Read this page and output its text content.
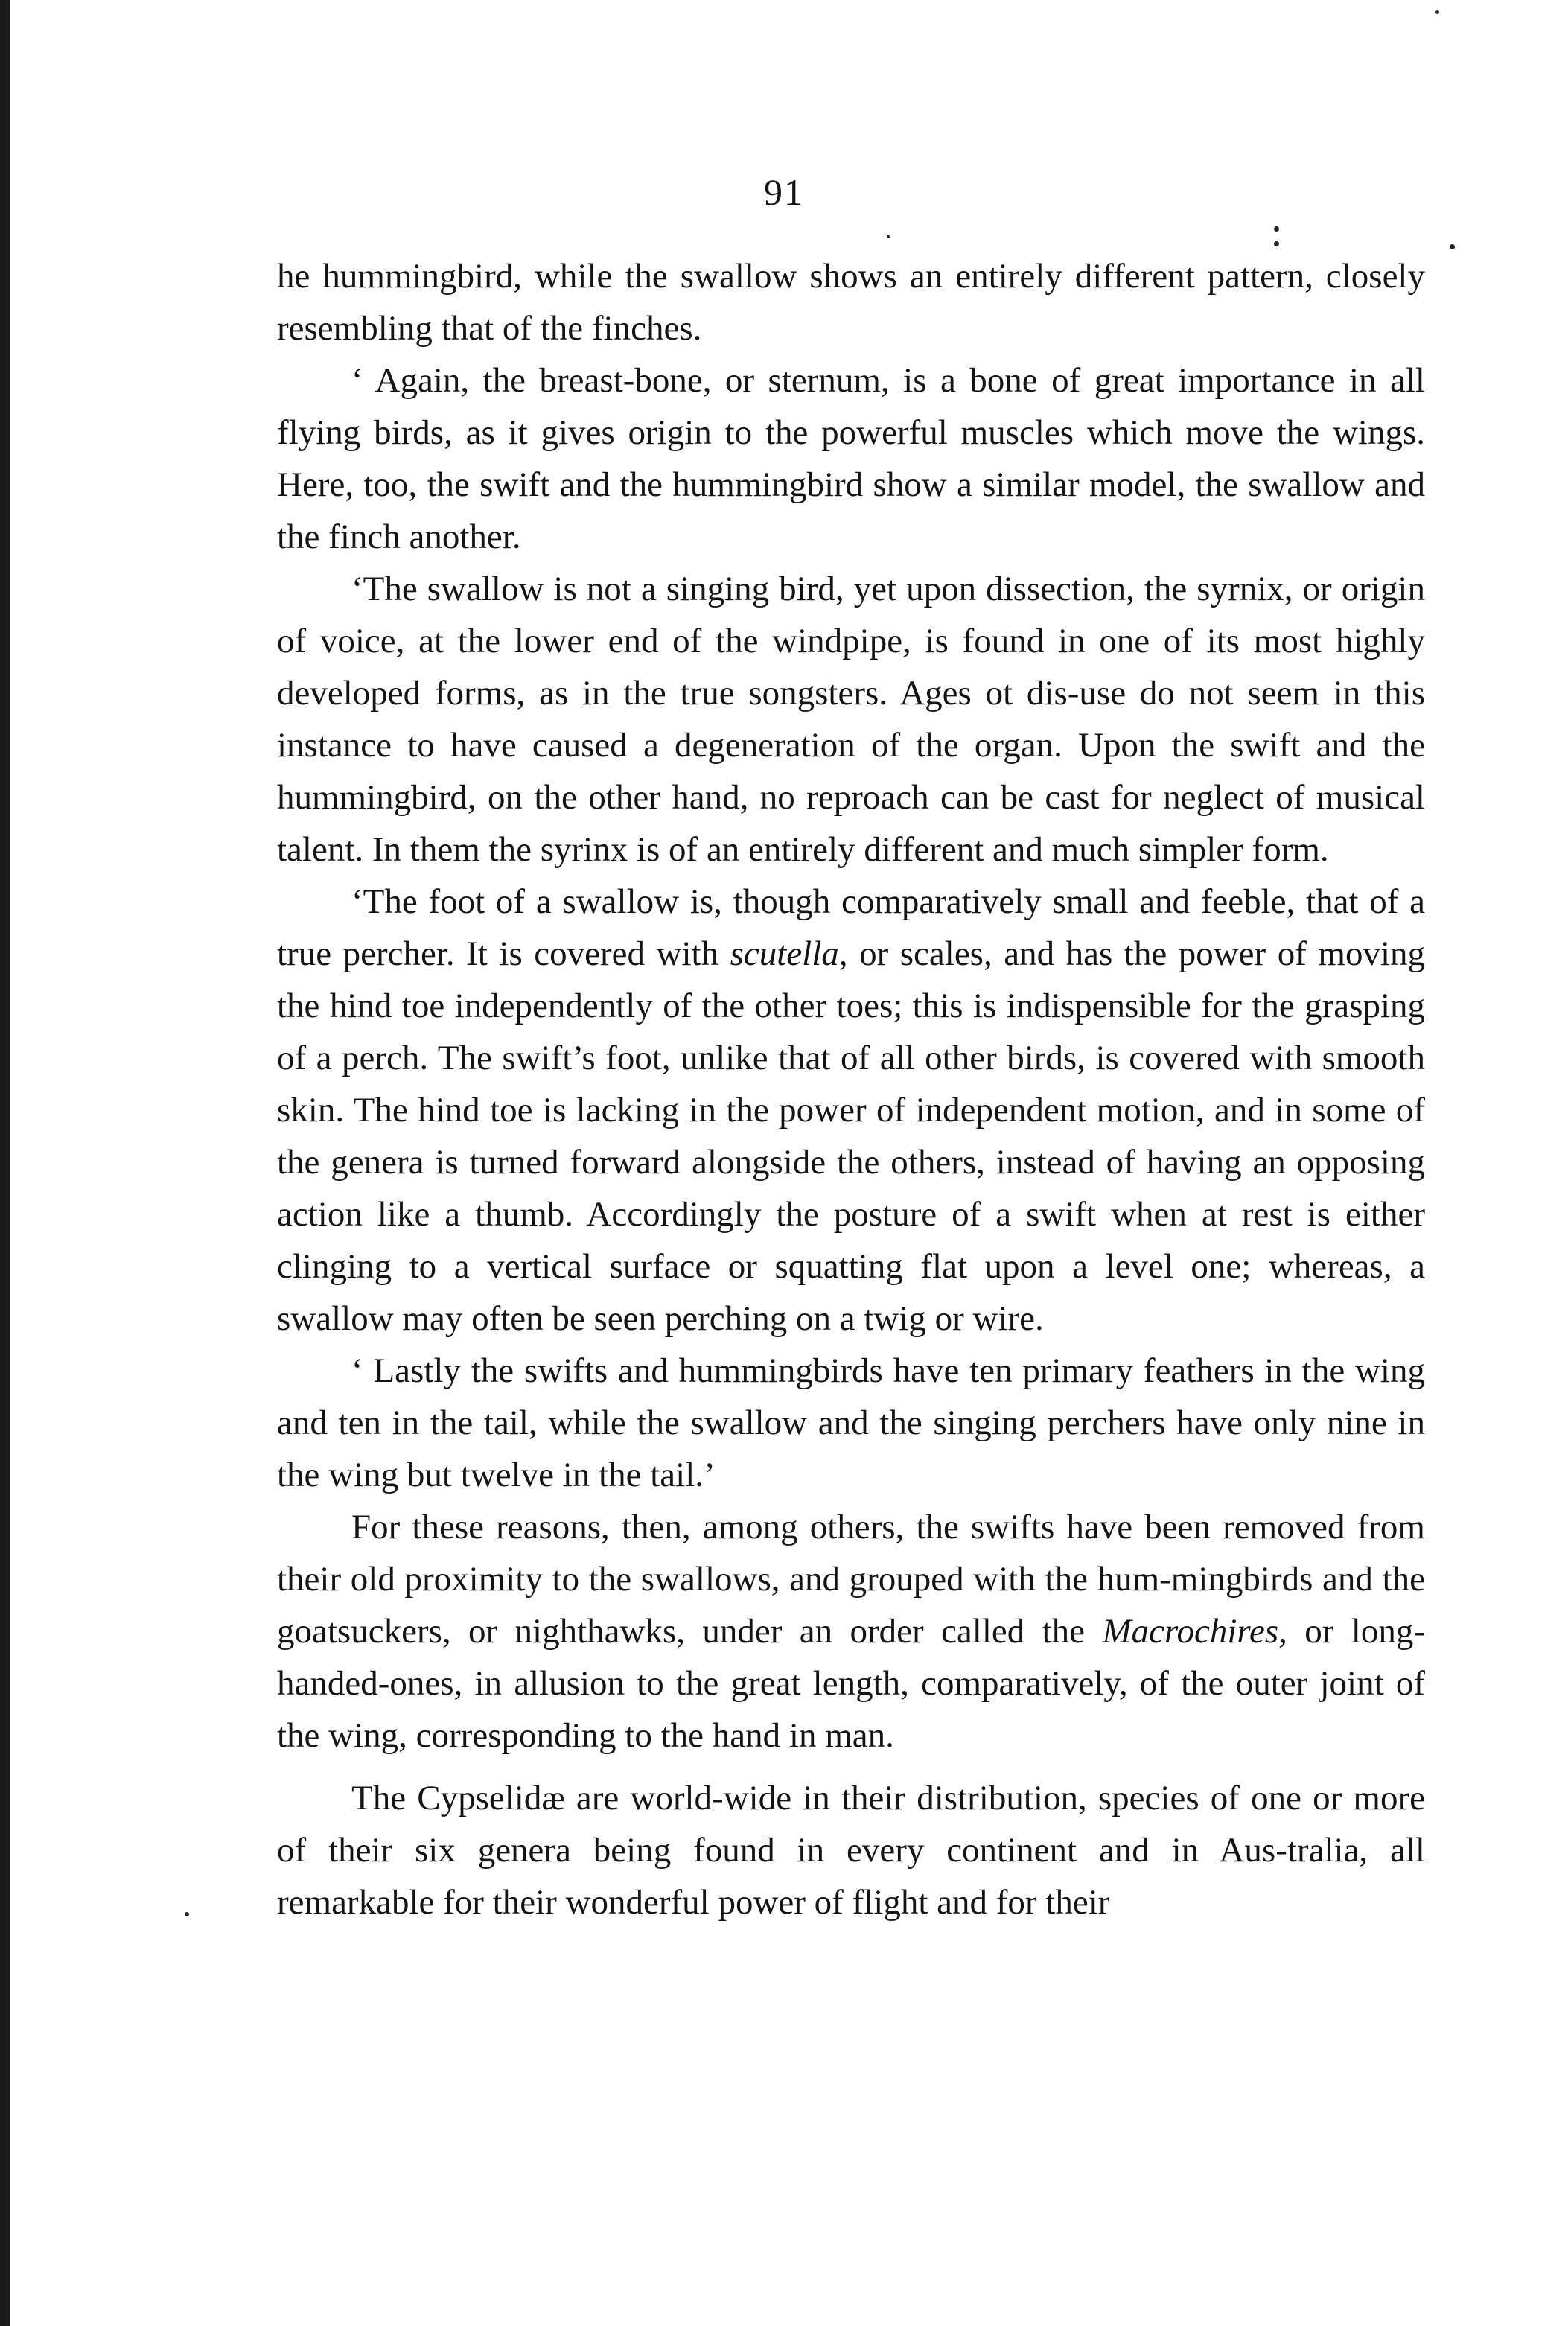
91

he hummingbird, while the swallow shows an entirely different pattern, closely resembling that of the finches.

‘ Again, the breast-bone, or sternum, is a bone of great importance in all flying birds, as it gives origin to the powerful muscles which move the wings. Here, too, the swift and the hummingbird show a similar model, the swallow and the finch another.

‘The swallow is not a singing bird, yet upon dissection, the syrnix, or origin of voice, at the lower end of the windpipe, is found in one of its most highly developed forms, as in the true songsters. Ages ot dis-use do not seem in this instance to have caused a degeneration of the organ. Upon the swift and the hummingbird, on the other hand, no reproach can be cast for neglect of musical talent. In them the syrinx is of an entirely different and much simpler form.

‘The foot of a swallow is, though comparatively small and feeble, that of a true percher. It is covered with scutella, or scales, and has the power of moving the hind toe independently of the other toes; this is indispensible for the grasping of a perch. The swift’s foot, unlike that of all other birds, is covered with smooth skin. The hind toe is lacking in the power of independent motion, and in some of the genera is turned forward alongside the others, instead of having an opposing action like a thumb. Accordingly the posture of a swift when at rest is either clinging to a vertical surface or squatting flat upon a level one; whereas, a swallow may often be seen perching on a twig or wire.

‘ Lastly the swifts and hummingbirds have ten primary feathers in the wing and ten in the tail, while the swallow and the singing perchers have only nine in the wing but twelve in the tail.’

For these reasons, then, among others, the swifts have been removed from their old proximity to the swallows, and grouped with the hum-mingbirds and the goatsuckers, or nighthawks, under an order called the Macrochires, or long-handed-ones, in allusion to the great length, comparatively, of the outer joint of the wing, corresponding to the hand in man.

The Cypselidæ are world-wide in their distribution, species of one or more of their six genera being found in every continent and in Aus-tralia, all remarkable for their wonderful power of flight and for their
